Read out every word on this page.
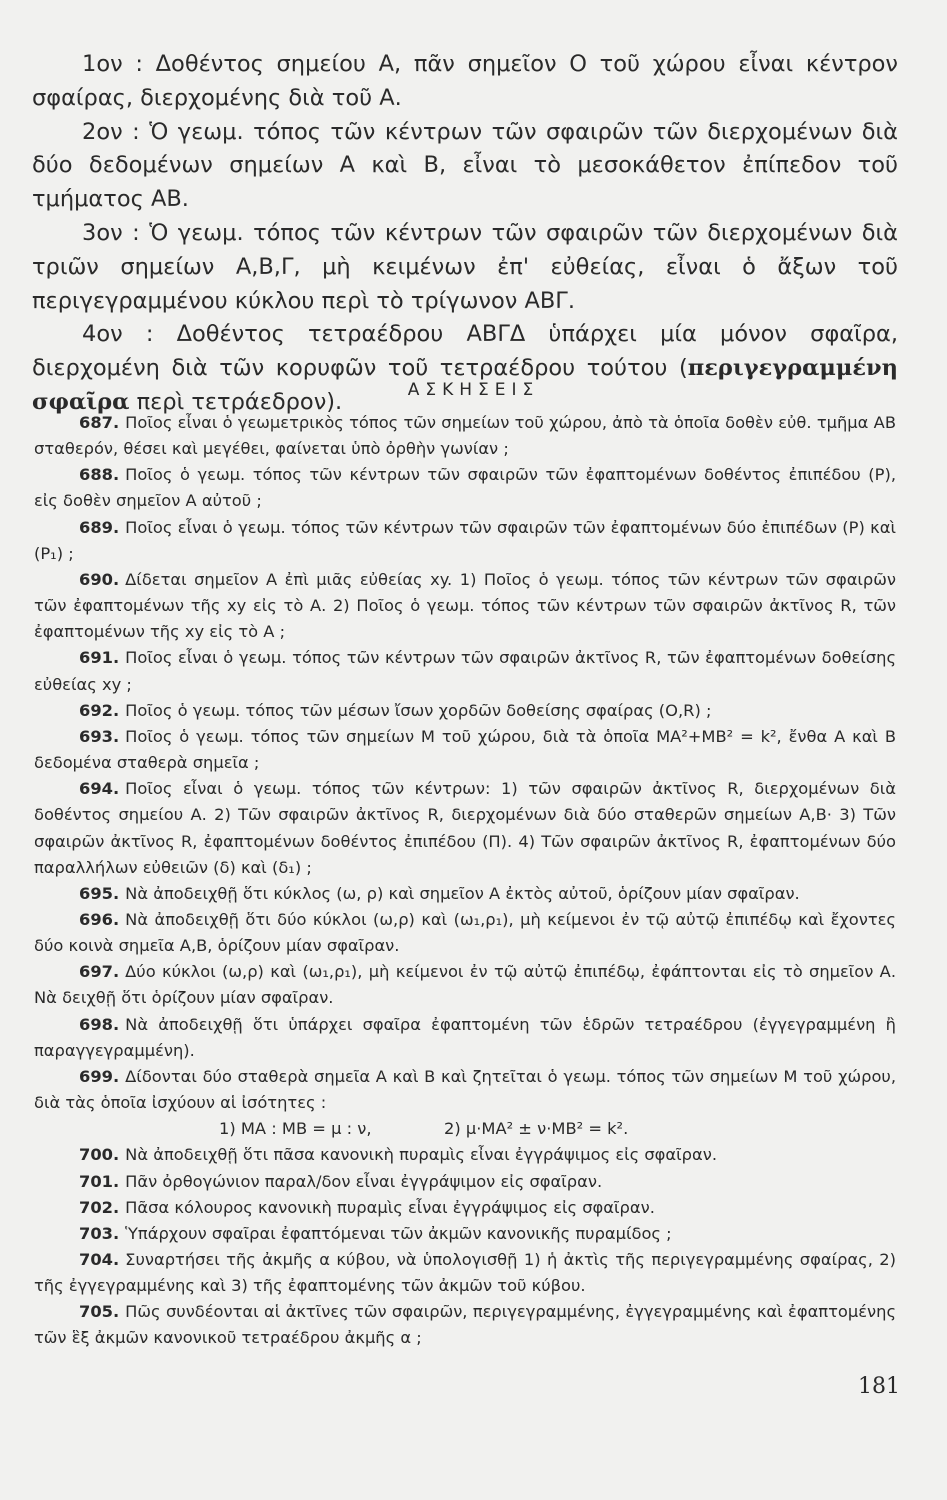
1ον : Δοθέντος σημείου Α, πᾶν σημεῖον Ο τοῦ χώρου εἶναι κέντρον σφαίρας, διερχομένης διὰ τοῦ Α.

2ον : Ὁ γεωμ. τόπος τῶν κέντρων τῶν σφαιρῶν τῶν διερχομένων διὰ δύο δεδομένων σημείων Α καὶ Β, εἶναι τὸ μεσοκάθετον ἐπίπεδον τοῦ τμήματος ΑΒ.

3ον : Ὁ γεωμ. τόπος τῶν κέντρων τῶν σφαιρῶν τῶν διερχομένων διὰ τριῶν σημείων Α,Β,Γ, μὴ κειμένων ἐπ' εὐθείας, εἶναι ὁ ἄξων τοῦ περιγεγραμμένου κύκλου περὶ τὸ τρίγωνον ΑΒΓ.

4ον : Δοθέντος τετραέδρου ΑΒΓΔ ὑπάρχει μία μόνον σφαῖρα, διερχομένη διὰ τῶν κορυφῶν τοῦ τετραέδρου τούτου (περιγεγραμμένη σφαῖρα περὶ τετράεδρον).	ΑΣΚΗΣΕΙΣ

687. Ποῖος εἶναι ὁ γεωμετρικὸς τόπος τῶν σημείων τοῦ χώρου, ἀπὸ τὰ ὁποῖα δοθὲν εὐθ. τμῆμα ΑΒ σταθερόν, θέσει καὶ μεγέθει, φαίνεται ὑπὸ ὀρθὴν γωνίαν ;

688. Ποῖος ὁ γεωμ. τόπος τῶν κέντρων τῶν σφαιρῶν τῶν ἐφαπτομένων δοθέντος ἐπιπέδου (Ρ), εἰς δοθὲν σημεῖον Α αὐτοῦ ;

689. Ποῖος εἶναι ὁ γεωμ. τόπος τῶν κέντρων τῶν σφαιρῶν τῶν ἐφαπτομένων δύο ἐπιπέδων (Ρ) καὶ (Ρ₁) ;

690. Δίδεται σημεῖον Α ἐπὶ μιᾶς εὐθείας xy. 1) Ποῖος ὁ γεωμ. τόπος τῶν κέντρων τῶν σφαιρῶν τῶν ἐφαπτομένων τῆς xy εἰς τὸ Α. 2) Ποῖος ὁ γεωμ. τόπος τῶν κέντρων τῶν σφαιρῶν ἀκτῖνος R, τῶν ἐφαπτομένων τῆς xy εἰς τὸ Α ;

691. Ποῖος εἶναι ὁ γεωμ. τόπος τῶν κέντρων τῶν σφαιρῶν ἀκτῖνος R, τῶν ἐφαπτομένων δοθείσης εὐθείας xy ;

692. Ποῖος ὁ γεωμ. τόπος τῶν μέσων ἴσων χορδῶν δοθείσης σφαίρας (Ο,R) ;

693. Ποῖος ὁ γεωμ. τόπος τῶν σημείων Μ τοῦ χώρου, διὰ τὰ ὁποῖα ΜΑ²+ΜΒ² = k², ἔνθα Α καὶ Β δεδομένα σταθερὰ σημεῖα ;

694. Ποῖος εἶναι ὁ γεωμ. τόπος τῶν κέντρων: 1) τῶν σφαιρῶν ἀκτῖνος R, διερχομένων διὰ δοθέντος σημείου Α. 2) Τῶν σφαιρῶν ἀκτῖνος R, διερχομένων διὰ δύο σταθερῶν σημείων Α,Β· 3) Τῶν σφαιρῶν ἀκτῖνος R, ἐφαπτομένων δοθέντος ἐπιπέδου (Π). 4) Τῶν σφαιρῶν ἀκτῖνος R, ἐφαπτομένων δύο παραλλήλων εὐθειῶν (δ) καὶ (δ₁) ;

695. Νὰ ἀποδειχθῇ ὅτι κύκλος (ω, ρ) καὶ σημεῖον Α ἐκτὸς αὐτοῦ, ὁρίζουν μίαν σφαῖραν.

696. Νὰ ἀποδειχθῇ ὅτι δύο κύκλοι (ω,ρ) καὶ (ω₁,ρ₁), μὴ κείμενοι ἐν τῷ αὐτῷ ἐπιπέδῳ καὶ ἔχοντες δύο κοινὰ σημεῖα Α,Β, ὁρίζουν μίαν σφαῖραν.

697. Δύο κύκλοι (ω,ρ) καὶ (ω₁,ρ₁), μὴ κείμενοι ἐν τῷ αὐτῷ ἐπιπέδῳ, ἐφάπτονται εἰς τὸ σημεῖον Α. Νὰ δειχθῇ ὅτι ὁρίζουν μίαν σφαῖραν.

698. Νὰ ἀποδειχθῇ ὅτι ὑπάρχει σφαῖρα ἐφαπτομένη τῶν ἑδρῶν τετραέδρου (ἐγγεγραμμένη ἢ παραγγεγραμμένη).

699. Δίδονται δύο σταθερὰ σημεῖα Α καὶ Β καὶ ζητεῖται ὁ γεωμ. τόπος τῶν σημείων Μ τοῦ χώρου, διὰ τὰς ὁποῖα ἰσχύουν αἱ ἰσότητες :

1) ΜΑ : ΜΒ = μ : ν,	2) μ·ΜΑ² ± ν·ΜΒ² = k².

700. Νὰ ἀποδειχθῇ ὅτι πᾶσα κανονικὴ πυραμὶς εἶναι ἐγγράψιμος εἰς σφαῖραν.

701. Πᾶν ὀρθογώνιον παραλ/δον εἶναι ἐγγράψιμον εἰς σφαῖραν.

702. Πᾶσα κόλουρος κανονικὴ πυραμὶς εἶναι ἐγγράψιμος εἰς σφαῖραν.

703. Ὑπάρχουν σφαῖραι ἐφαπτόμεναι τῶν ἀκμῶν κανονικῆς πυραμίδος ;

704. Συναρτήσει τῆς ἀκμῆς α κύβου, νὰ ὑπολογισθῇ 1) ἡ ἀκτὶς τῆς περιγεγραμμένης σφαίρας, 2) τῆς ἐγγεγραμμένης καὶ 3) τῆς ἐφαπτομένης τῶν ἀκμῶν τοῦ κύβου.

705. Πῶς συνδέονται αἱ ἀκτῖνες τῶν σφαιρῶν, περιγεγραμμένης, ἐγγεγραμμένης καὶ ἐφαπτομένης τῶν ἓξ ἀκμῶν κανονικοῦ τετραέδρου ἀκμῆς α ;

181
